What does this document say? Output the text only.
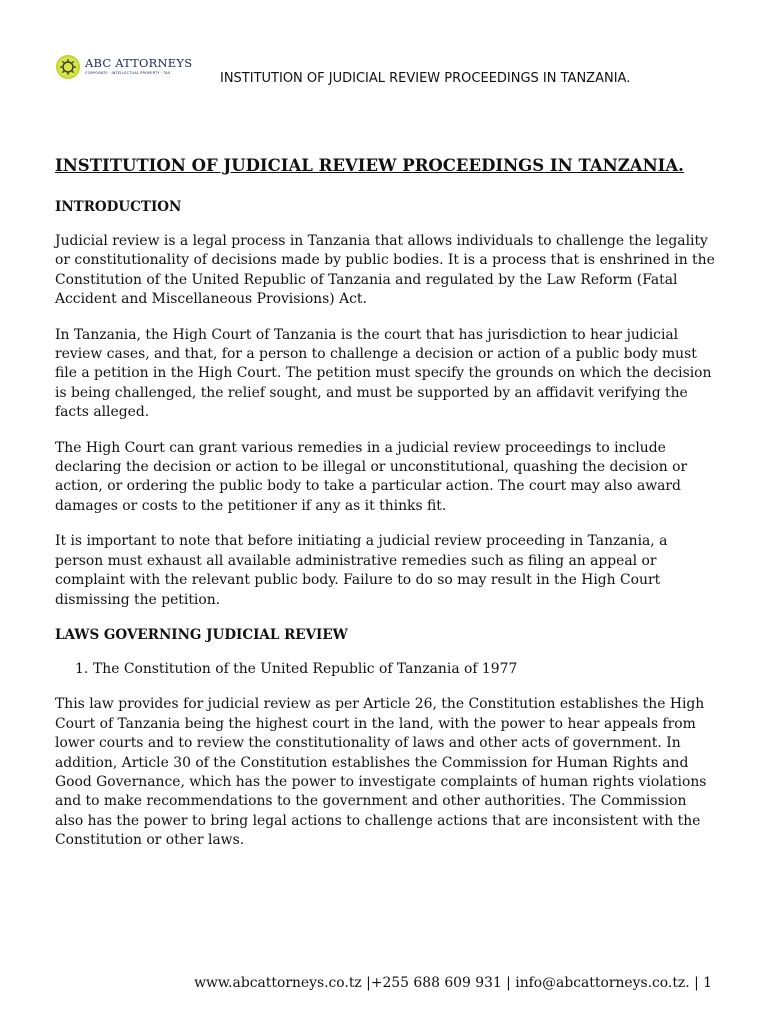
ABC ATTORNEYS
CORPORATE · INTELLECTUAL PROPERTY · TAX	INSTITUTION OF JUDICIAL REVIEW PROCEEDINGS IN TANZANIA.
INSTITUTION OF JUDICIAL REVIEW PROCEEDINGS IN TANZANIA.
INTRODUCTION

Judicial review is a legal process in Tanzania that allows individuals to challenge the legality or constitutionality of decisions made by public bodies. It is a process that is enshrined in the Constitution of the United Republic of Tanzania and regulated by the Law Reform (Fatal Accident and Miscellaneous Provisions) Act.

In Tanzania, the High Court of Tanzania is the court that has jurisdiction to hear judicial review cases, and that, for a person to challenge a decision or action of a public body must file a petition in the High Court. The petition must specify the grounds on which the decision is being challenged, the relief sought, and must be supported by an affidavit verifying the facts alleged.

The High Court can grant various remedies in a judicial review proceedings to include declaring the decision or action to be illegal or unconstitutional, quashing the decision or action, or ordering the public body to take a particular action. The court may also award damages or costs to the petitioner if any as it thinks fit.

It is important to note that before initiating a judicial review proceeding in Tanzania, a person must exhaust all available administrative remedies such as filing an appeal or complaint with the relevant public body. Failure to do so may result in the High Court dismissing the petition.

LAWS GOVERNING JUDICIAL REVIEW
1. The Constitution of the United Republic of Tanzania of 1977

This law provides for judicial review as per Article 26, the Constitution establishes the High Court of Tanzania being the highest court in the land, with the power to hear appeals from lower courts and to review the constitutionality of laws and other acts of government. In addition, Article 30 of the Constitution establishes the Commission for Human Rights and Good Governance, which has the power to investigate complaints of human rights violations and to make recommendations to the government and other authorities. The Commission also has the power to bring legal actions to challenge actions that are inconsistent with the Constitution or other laws.

www.abcattorneys.co.tz |+255 688 609 931 | info@abcattorneys.co.tz. | 1
